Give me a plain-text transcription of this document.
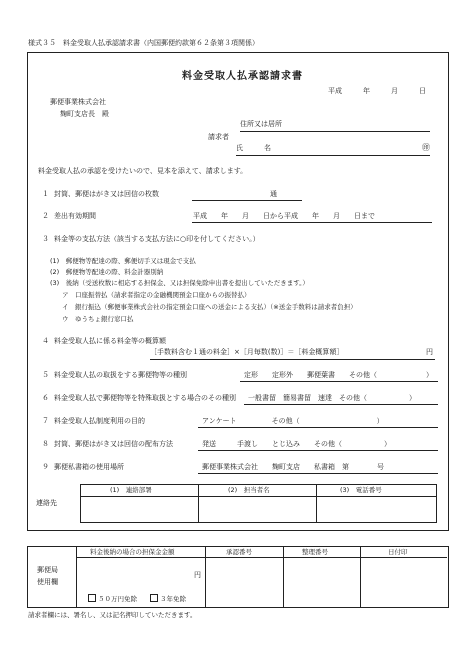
様式３５　料金受取人払承認請求書（内国郵便約款第６２条第３項関係）
料金受取人払承認請求書
平成　　　年　　　月　　　日
郵便事業株式会社
麹町支店長　殿
住所又は居所
請求者
氏　　　名	㊞
料金受取人払の承認を受けたいので、見本を添えて、請求します。
１ 封筒、郵便はがき又は回信の枚数	通
２ 差出有効期間	平成　　年　　月　　日から平成　　年　　月　　日まで
３ 料金等の支払方法（該当する支払方法に○印を付してください。）
(1)　郵便物等配達の際、郵便切手又は現金で支払
(2)　郵便物等配達の際、料金計器別納
(3)　後納（受送枚数に相応する担保金、又は担保免除申出書を提出していただきます。）
ア　口座振替払（請求者指定の金融機関預金口座からの振替払）
イ　銀行振込（郵便事業株式会社の指定預金口座への送金による支払）（※送金手数料は請求者負担）
ウ　ゆうちょ銀行窓口払
４ 料金受取人払に係る料金等の概算額
［手数料含む１通の料金］×［月毎数(数)］＝［料金概算額］	円
５ 料金受取人払の取扱をする郵便物等の種別	定形　　定形外　　郵便葉書　　その他（　　　　　　　）
６ 料金受取人払で郵便物等を特殊取扱とする場合のその種別 一般書留　簡易書留　速達　その他（　　　　　　）
７ 料金受取人払制度利用の目的	アンケート　　　　　その他（　　　　　　　　　　　）
８ 封筒、郵便はがき又は回信の配布方法	発送　　　手渡し　　とじ込み　　その他（　　　　　　）
９ 郵便私書箱の使用場所	郵便事業株式会社　　麹町支店　　私書箱　第　　　　号
連絡先
(1)　連絡部署	(2)　担当者名	(3)　電話番号
郵便局
使用欄
料金後納の場合の担保金金額	承認番号	整理番号	日付印
円
５０万円免除	３年免除
請求者欄には、署名し、又は記名押印していただきます。
